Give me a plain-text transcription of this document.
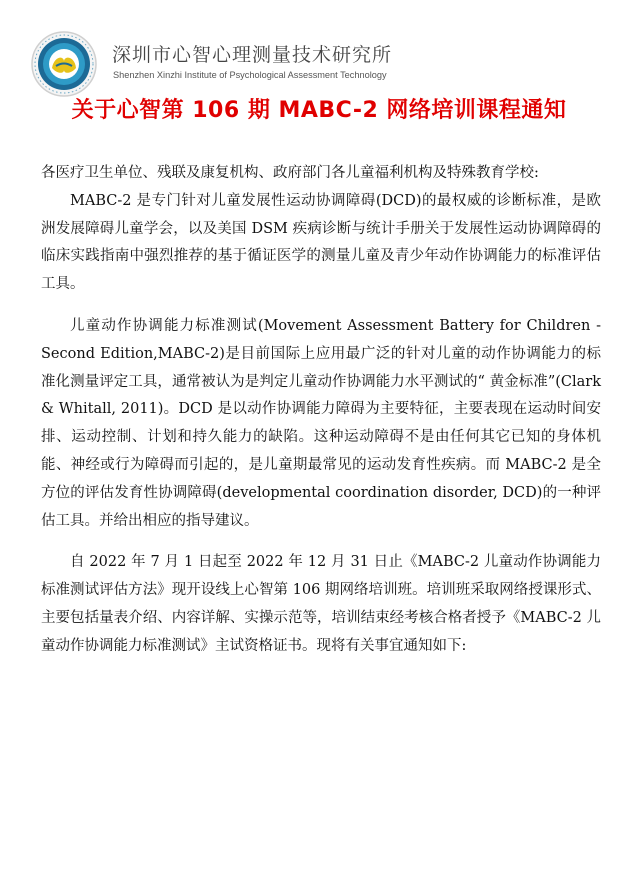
深圳市心智心理测量技术研究所
Shenzhen Xinzhi Institute of Psychological Assessment Technology
关于心智第 106 期 MABC-2 网络培训课程通知

各医疗卫生单位、残联及康复机构、政府部门各儿童福利机构及特殊教育学校:

MABC-2 是专门针对儿童发展性运动协调障碍(DCD)的最权威的诊断标准，是欧洲发展障碍儿童学会，以及美国 DSM 疾病诊断与统计手册关于发展性运动协调障碍的临床实践指南中强烈推荐的基于循证医学的测量儿童及青少年动作协调能力的标准评估工具。

儿童动作协调能力标准测试(Movement Assessment Battery for Children - Second Edition,MABC-2)是目前国际上应用最广泛的针对儿童的动作协调能力的标准化测量评定工具，通常被认为是判定儿童动作协调能力水平测试的“ 黄金标准”(Clark & Whitall, 2011)。DCD 是以动作协调能力障碍为主要特征，主要表现在运动时间安排、运动控制、计划和持久能力的缺陷。这种运动障碍不是由任何其它已知的身体机能、神经或行为障碍而引起的，是儿童期最常见的运动发育性疾病。而 MABC-2 是全方位的评估发育性协调障碍(developmental coordination disorder, DCD)的一种评估工具。并给出相应的指导建议。

自 2022 年 7 月 1 日起至 2022 年 12 月 31 日止《MABC-2 儿童动作协调能力标准测试评估方法》现开设线上心智第 106 期网络培训班。培训班采取网络授课形式、主要包括量表介绍、内容详解、实操示范等，培训结束经考核合格者授予《MABC-2 儿童动作协调能力标准测试》主试资格证书。现将有关事宜通知如下:
